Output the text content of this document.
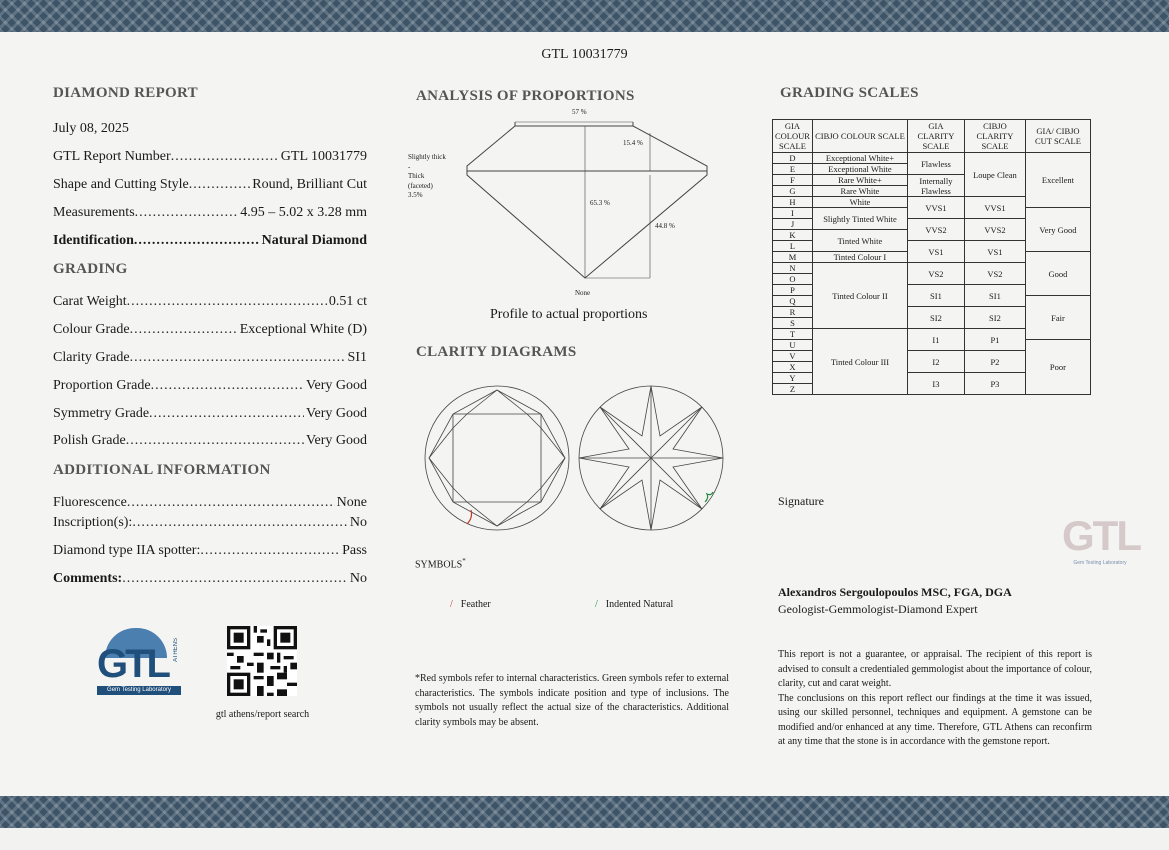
GTL 10031779
DIAMOND REPORT
July 08, 2025
GTL Report Number .....	GTL 10031779
Shape and Cutting Style .....	Round, Brilliant Cut
Measurements .....	4.95 – 5.02 x 3.28 mm
Identification .....	Natural Diamond
GRADING
Carat Weight .....	0.51 ct
Colour Grade .....	Exceptional White (D)
Clarity Grade .....	SI1
Proportion Grade .....	Very Good
Symmetry Grade .....	Very Good
Polish Grade .....	Very Good
ADDITIONAL INFORMATION
Fluorescence .....	None
Inscription(s): .....	No
Diamond type IIA spotter: .....	Pass
Comments: .....	No
GTL ATHENS
Gem Testing Laboratory
gtl athens/report search
ANALYSIS OF PROPORTIONS
57 %
15.4 %
65.3 %
44.8 %
Slightly thick
-
Thick
(faceted)
3.5%
None
Profile to actual proportions
CLARITY DIAGRAMS
SYMBOLS*
/ Feather	/ Indented Natural
*Red symbols refer to internal characteristics. Green symbols refer to external characteristics. The symbols indicate position and type of inclusions. The symbols not usually reflect the actual size of the characteristics. Additional clarity symbols may be absent.
GRADING SCALES
GIA COLOUR SCALE	CIBJO COLOUR SCALE	GIA CLARITY SCALE	CIBJO CLARITY SCALE	GIA/ CIBJO CUT SCALE
D	Exceptional White+	Flawless	Loupe Clean	Excellent
E	Exceptional White			
F	Rare White+	Internally Flawless		
G	Rare White			
H	White	VVS1	VVS1	
I	Slightly Tinted White			Very Good
J		VVS2	VVS2	
K	Tinted White			
L		VS1	VS1	
M	Tinted Colour I			Good
N	Tinted Colour II	VS2	VS2	
O				
P		SI1	SI1	
Q				Fair
R		SI2	SI2	
S				
T	Tinted Colour III	I1	P1	
U				Poor
V		I2	P2	
X				
Y		I3	P3	
Z				
Signature
GTL
Gem Testing Laboratory
Alexandros Sergoulopoulos MSC, FGA, DGA
Geologist-Gemmologist-Diamond Expert
This report is not a guarantee, or appraisal. The recipient of this report is advised to consult a credentialed gemmologist about the importance of colour, clarity, cut and carat weight.
The conclusions on this report reflect our findings at the time it was issued, using our skilled personnel, techniques and equipment. A gemstone can be modified and/or enhanced at any time. Therefore, GTL Athens can reconfirm at any time that the stone is in accordance with the gemstone report.
